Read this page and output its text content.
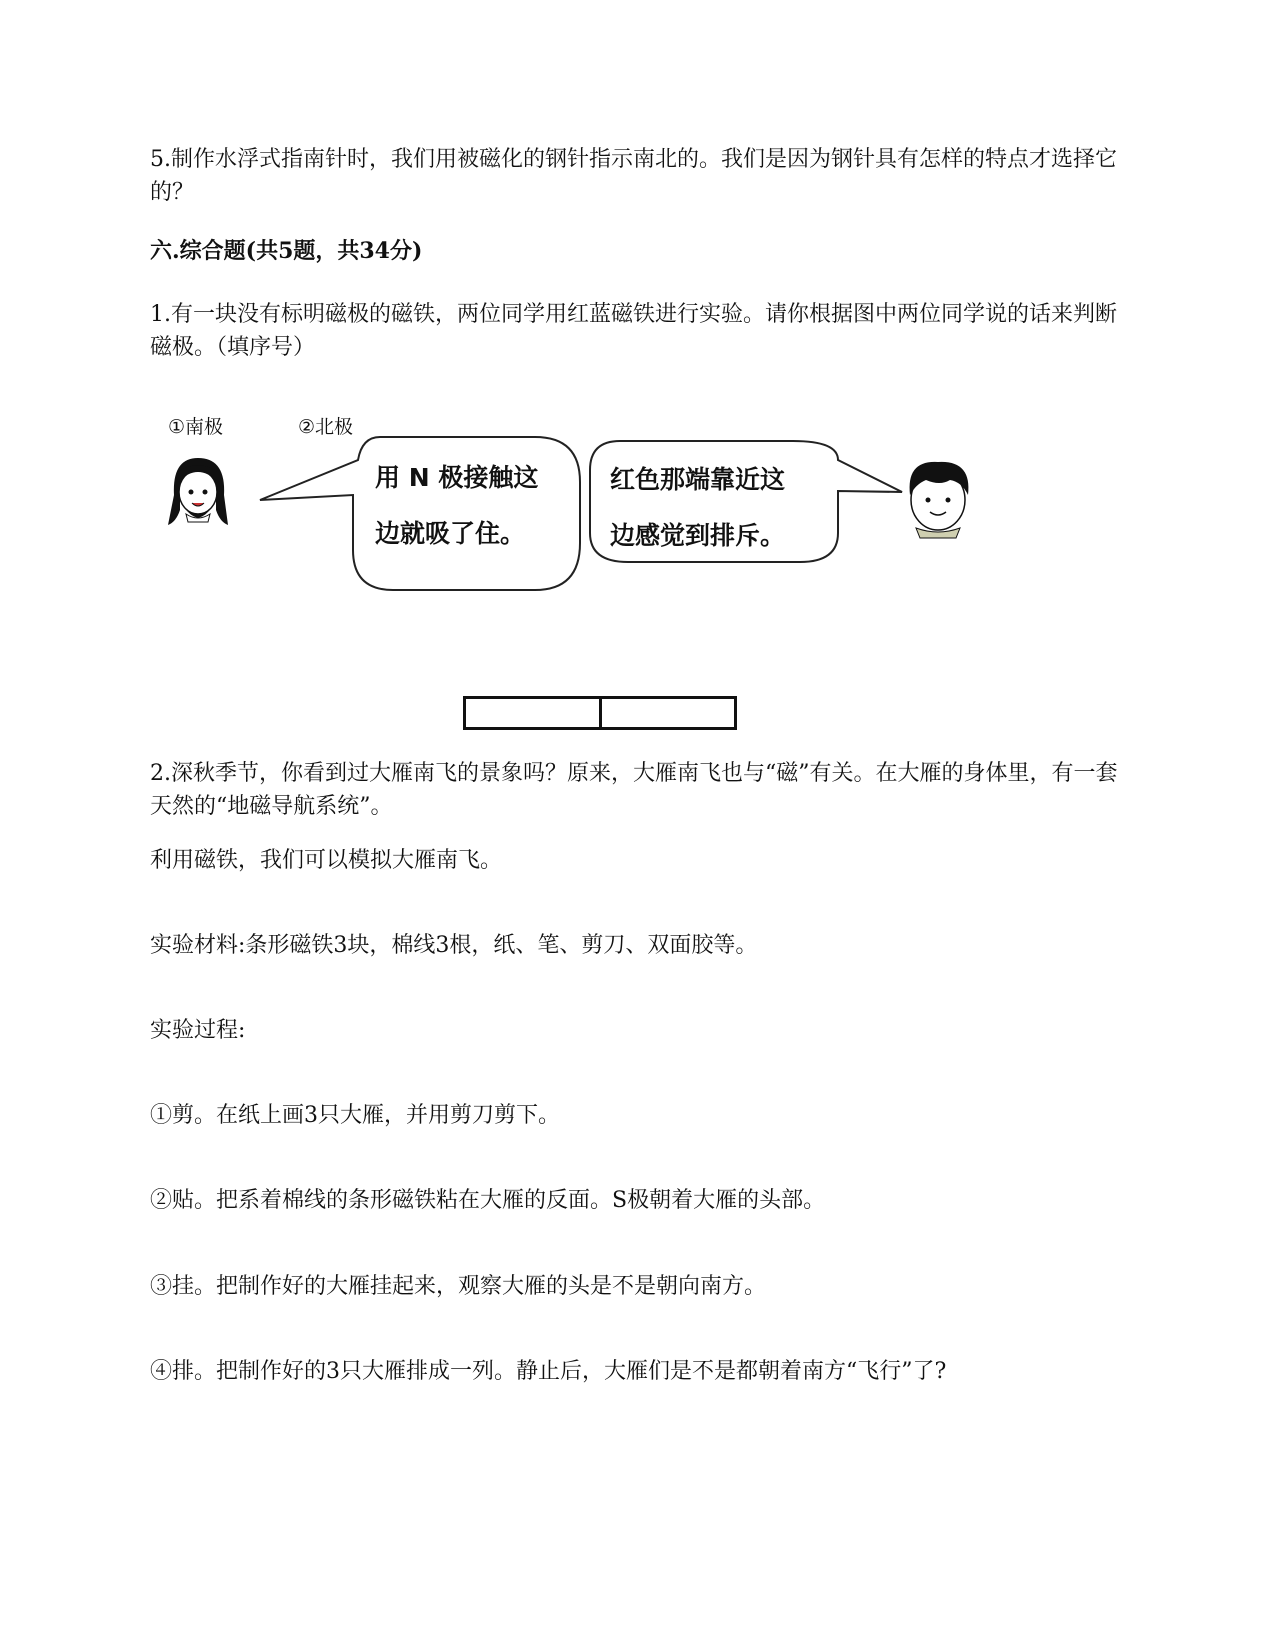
5.制作水浮式指南针时，我们用被磁化的钢针指示南北的。我们是因为钢针具有怎样的特点才选择它的？

六.综合题(共5题，共34分)

1.有一块没有标明磁极的磁铁，两位同学用红蓝磁铁进行实验。请你根据图中两位同学说的话来判断磁极。（填序号）

①南极	②北极
用 N 极接触这
边就吸了住。
红色那端靠近这
边感觉到排斥。

2.深秋季节，你看到过大雁南飞的景象吗？原来，大雁南飞也与“磁”有关。在大雁的身体里，有一套天然的“地磁导航系统”。

利用磁铁，我们可以模拟大雁南飞。

实验材料:条形磁铁3块，棉线3根，纸、笔、剪刀、双面胶等。

实验过程:

①剪。在纸上画3只大雁，并用剪刀剪下。

②贴。把系着棉线的条形磁铁粘在大雁的反面。S极朝着大雁的头部。

③挂。把制作好的大雁挂起来，观察大雁的头是不是朝向南方。

④排。把制作好的3只大雁排成一列。静止后，大雁们是不是都朝着南方“飞行”了?
